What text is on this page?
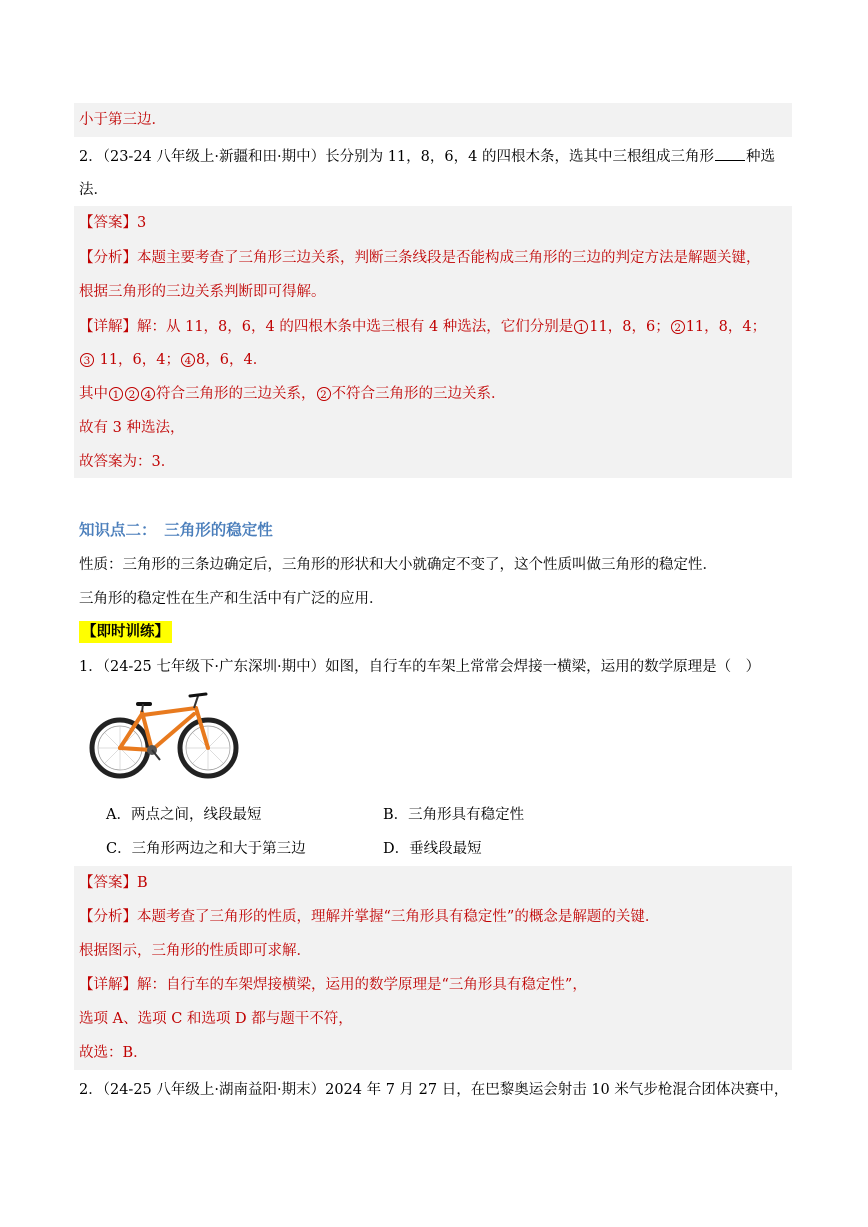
小于第三边．
2．（23-24 八年级上·新疆和田·期中）长分别为 11，8，6，4 的四根木条，选其中三根组成三角形 种选
法．
【答案】3
【分析】本题主要考查了三角形三边关系，判断三条线段是否能构成三角形的三边的判定方法是解题关键，
根据三角形的三边关系判断即可得解。
【详解】解：从 11，8，6，4 的四根木条中选三根有 4 种选法，它们分别是 1 11，8，6； 2 11，8，4；
3 11，6，4； 4 8，6，4．
其中 1 2 4 符合三角形的三边关系， 2 不符合三角形的三边关系．
故有 3 种选法，
故答案为：3．
知识点二：　三角形的稳定性
性质：三角形的三条边确定后，三角形的形状和大小就确定不变了，这个性质叫做三角形的稳定性．
三角形的稳定性在生产和生活中有广泛的应用．
【即时训练】
1．（24-25 七年级下·广东深圳·期中）如图，自行车的车架上常常会焊接一横梁，运用的数学原理是（　）
A．两点之间，线段最短	B．三角形具有稳定性
C．三角形两边之和大于第三边	D．垂线段最短
【答案】B
【分析】本题考查了三角形的性质，理解并掌握“三角形具有稳定性”的概念是解题的关键．
根据图示，三角形的性质即可求解．
【详解】解：自行车的车架焊接横梁，运用的数学原理是“三角形具有稳定性”，
选项 A、选项 C 和选项 D 都与题干不符，
故选：B．
2．（24-25 八年级上·湖南益阳·期末）2024 年 7 月 27 日，在巴黎奥运会射击 10 米气步枪混合团体决赛中，
